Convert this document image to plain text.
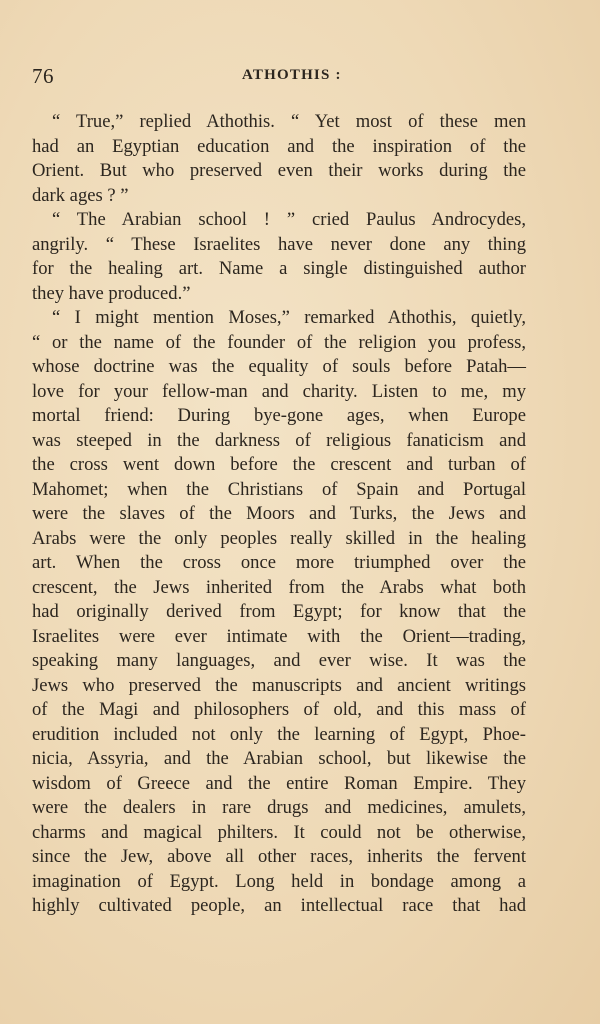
76	ATHOTHIS :
“ True,” replied Athothis. “ Yet most of these men
had an Egyptian education and the inspiration of the
Orient. But who preserved even their works during the
dark ages ? ”
“ The Arabian school ! ” cried Paulus Androcydes,
angrily. “ These Israelites have never done any thing
for the healing art. Name a single distinguished author
they have produced.”
“ I might mention Moses,” remarked Athothis, quietly,
“ or the name of the founder of the religion you profess,
whose doctrine was the equality of souls before Patah—
love for your fellow-man and charity. Listen to me, my
mortal friend: During bye-gone ages, when Europe
was steeped in the darkness of religious fanaticism and
the cross went down before the crescent and turban of
Mahomet; when the Christians of Spain and Portugal
were the slaves of the Moors and Turks, the Jews and
Arabs were the only peoples really skilled in the healing
art. When the cross once more triumphed over the
crescent, the Jews inherited from the Arabs what both
had originally derived from Egypt; for know that the
Israelites were ever intimate with the Orient—trading,
speaking many languages, and ever wise. It was the
Jews who preserved the manuscripts and ancient writings
of the Magi and philosophers of old, and this mass of
erudition included not only the learning of Egypt, Phoe-
nicia, Assyria, and the Arabian school, but likewise the
wisdom of Greece and the entire Roman Empire. They
were the dealers in rare drugs and medicines, amulets,
charms and magical philters. It could not be otherwise,
since the Jew, above all other races, inherits the fervent
imagination of Egypt. Long held in bondage among a
highly cultivated people, an intellectual race that had
